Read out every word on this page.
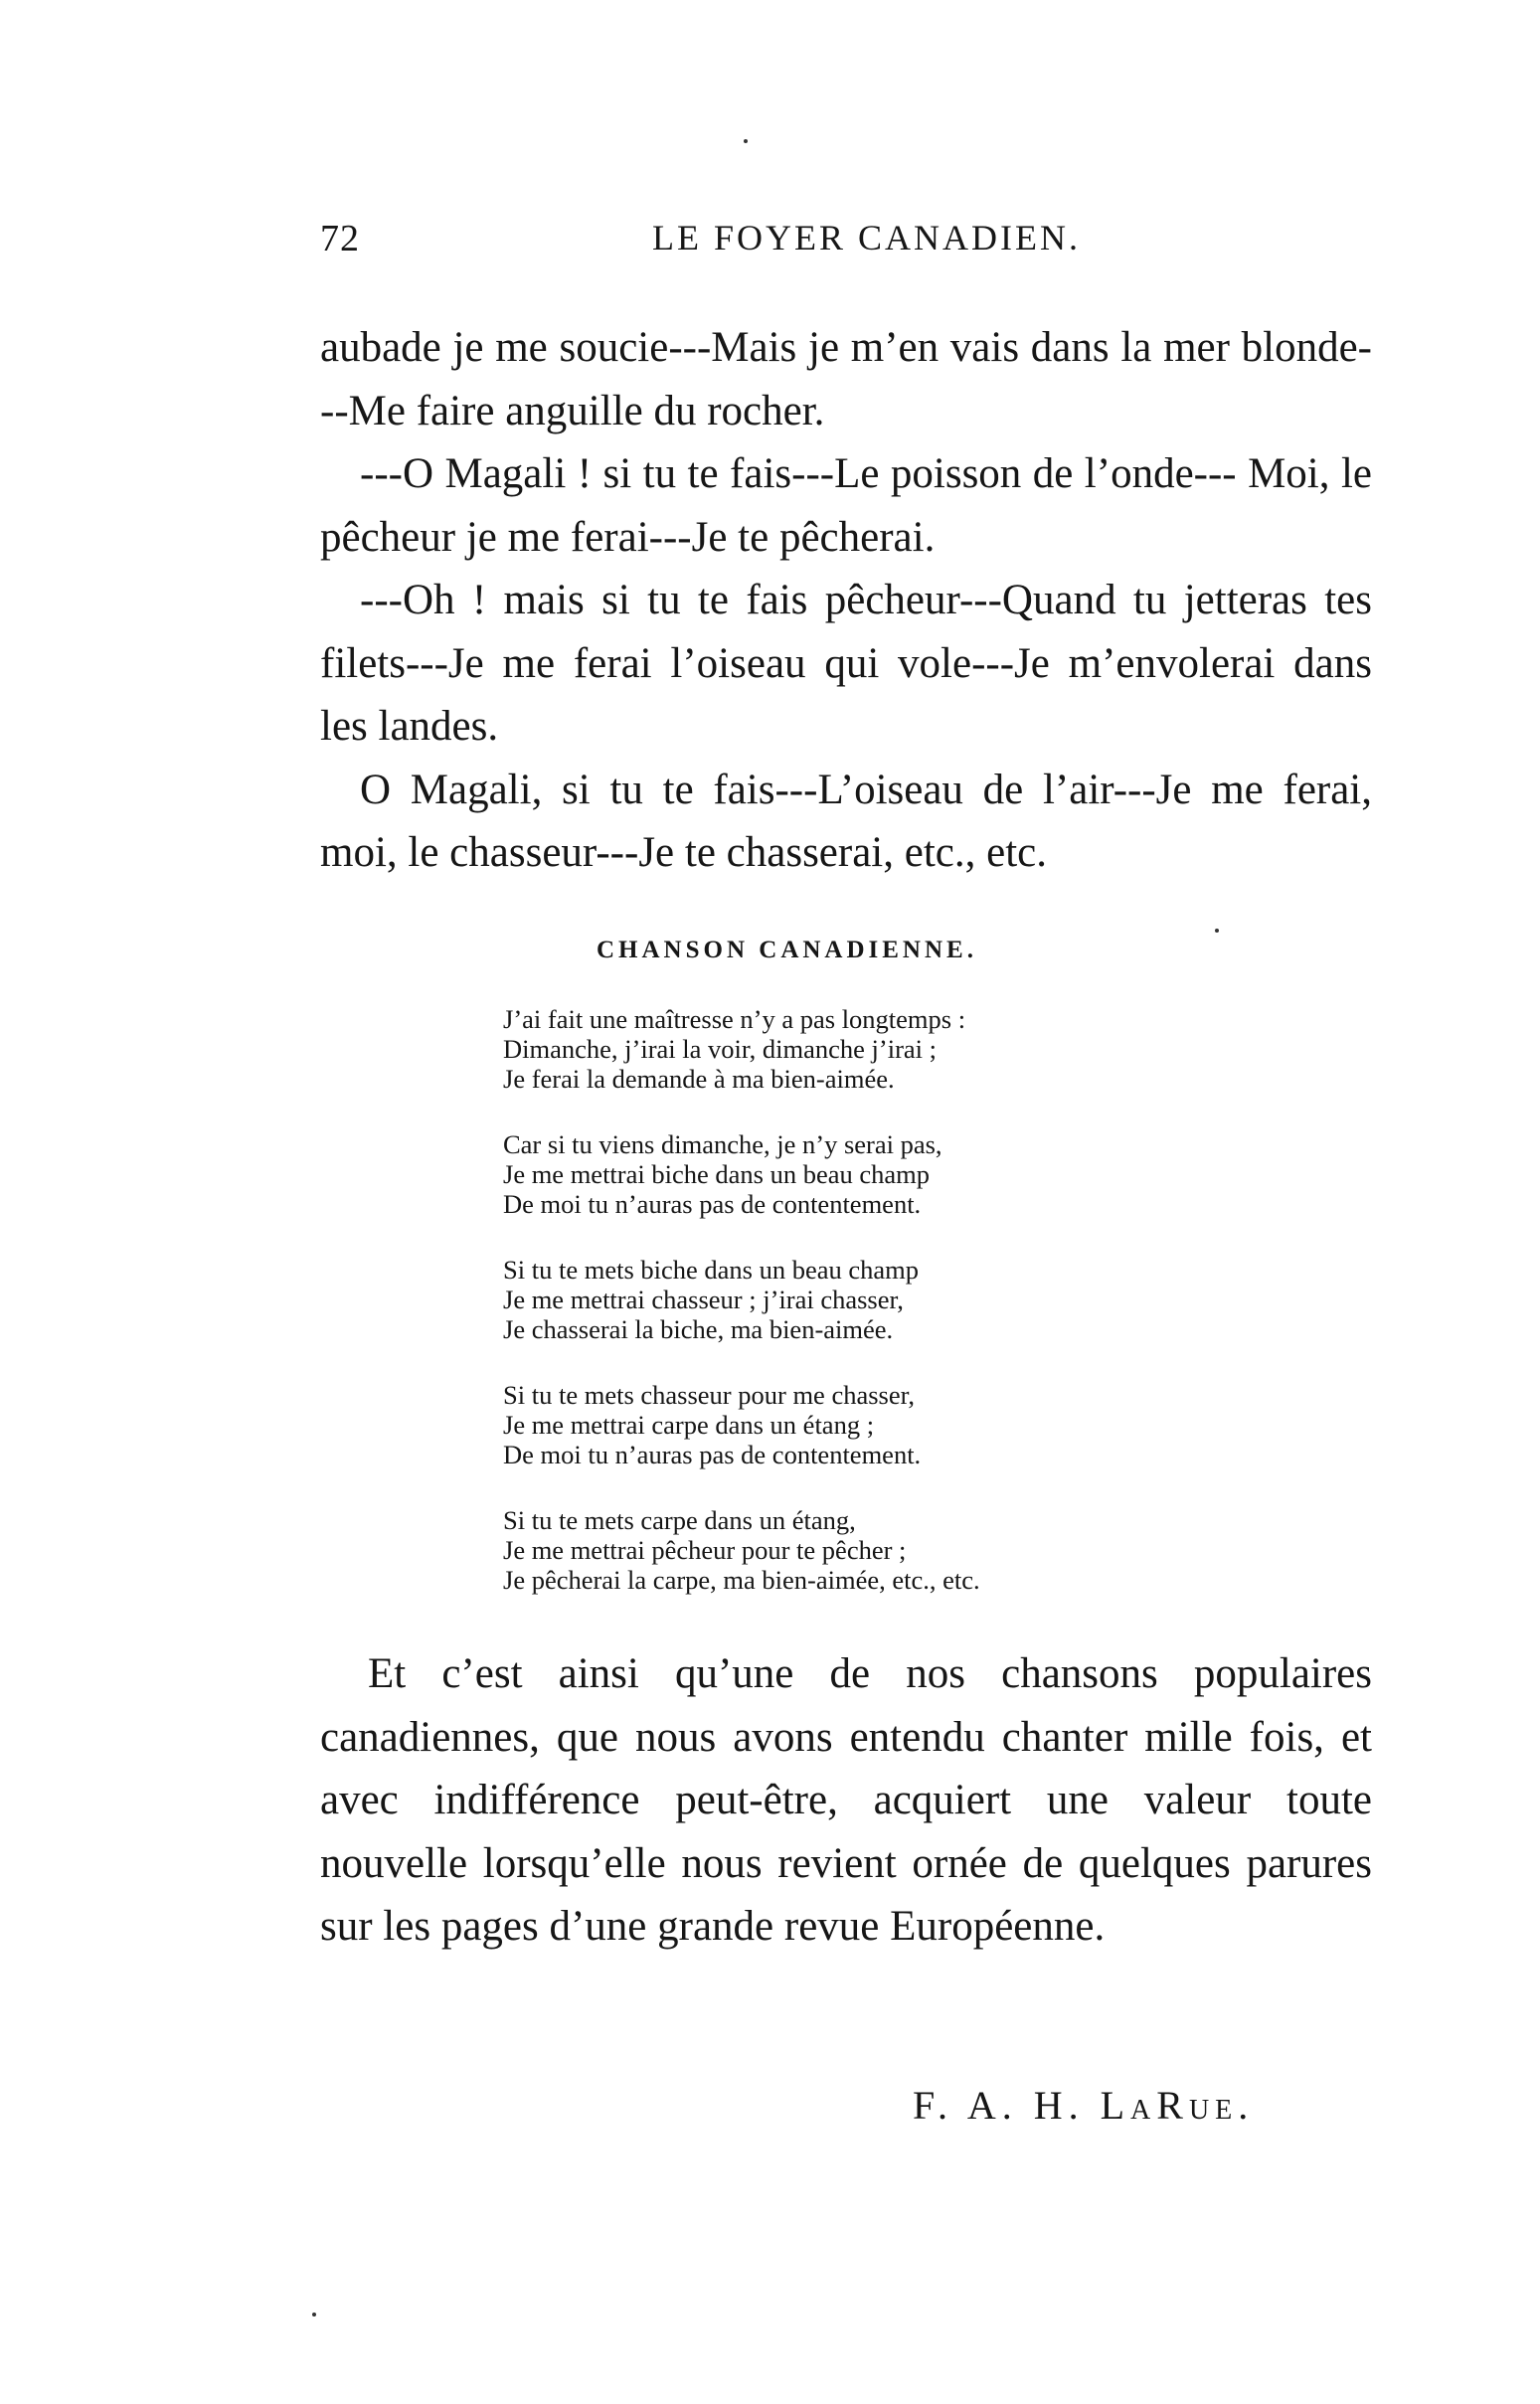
72	LE FOYER CANADIEN.

aubade je me soucie---Mais je m’en vais dans la mer blonde---Me faire anguille du rocher.

---O Magali ! si tu te fais---Le poisson de l’onde--- Moi, le pêcheur je me ferai---Je te pêcherai.

---Oh ! mais si tu te fais pêcheur---Quand tu jetteras tes filets---Je me ferai l’oiseau qui vole---Je m’envolerai dans les landes.

O Magali, si tu te fais---L’oiseau de l’air---Je me ferai, moi, le chasseur---Je te chasserai, etc., etc.

CHANSON CANADIENNE.
J’ai fait une maîtresse n’y a pas longtemps :
Dimanche, j’irai la voir, dimanche j’irai ;
Je ferai la demande à ma bien-aimée.
Car si tu viens dimanche, je n’y serai pas,
Je me mettrai biche dans un beau champ
De moi tu n’auras pas de contentement.
Si tu te mets biche dans un beau champ
Je me mettrai chasseur ; j’irai chasser,
Je chasserai la biche, ma bien-aimée.
Si tu te mets chasseur pour me chasser,
Je me mettrai carpe dans un étang ;
De moi tu n’auras pas de contentement.
Si tu te mets carpe dans un étang,
Je me mettrai pêcheur pour te pêcher ;
Je pêcherai la carpe, ma bien-aimée, etc., etc.

Et c’est ainsi qu’une de nos chansons populaires canadiennes, que nous avons entendu chanter mille fois, et avec indifférence peut-être, acquiert une valeur toute nouvelle lorsqu’elle nous revient ornée de quelques parures sur les pages d’une grande revue Européenne.

F. A. H. LaRue.
